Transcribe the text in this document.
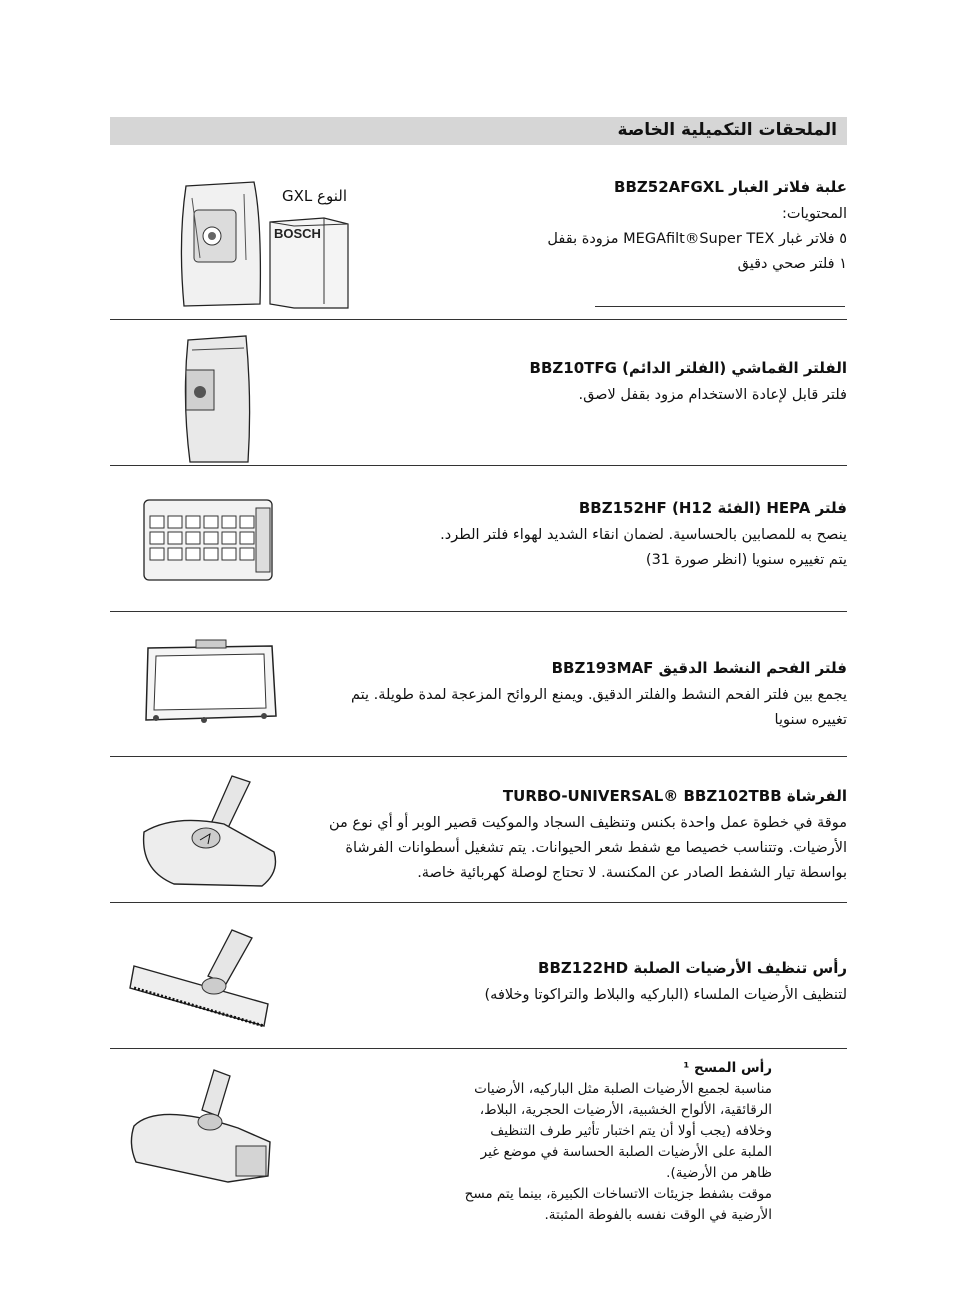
الملحقات التكميلية الخاصة
علبة فلاتر الغبار BBZ52AFGXL
المحتويات:
٥ فلاتر غبار MEGAfilt®Super TEX مزودة بقفل
١ فلتر صحي دقيق
النوع GXL
BOSCH
الفلتر القماشي (الفلتر الدائم) BBZ10TFG
فلتر قابل لإعادة الاستخدام مزود بقفل لاصق.
فلتر HEPA (الفئة H12) BBZ152HF
ينصح به للمصابين بالحساسية. لضمان انقاء الشديد لهواء فلتر الطرد.
يتم تغييره سنويا (انظر صورة 31)
فلتر الفحم النشط الدقيق BBZ193MAF
يجمع بين فلتر الفحم النشط والفلتر الدقيق. ويمنع الروائح المزعجة لمدة طويلة. يتم
تغييره سنويا
الفرشاة TURBO-UNIVERSAL® BBZ102TBB
موقة في خطوة عمل واحدة بكنس وتنظيف السجاد والموكيت قصير الوبر أو أي نوع من
الأرضيات. وتتناسب خصيصا مع شفط شعر الحيوانات. يتم تشغيل أسطوانات الفرشاة
بواسطة تيار الشفط الصادر عن المكنسة. لا تحتاج لوصلة كهربائية خاصة.
رأس تنظيف الأرضيات الصلبة BBZ122HD
لتنظيف الأرضيات الملساء (الباركيه والبلاط والتراكوتا وخلافه)
رأس المسح ¹
مناسبة لجميع الأرضيات الصلبة مثل الباركيه، الأرضيات
الرقائقية، الألواح الخشبية، الأرضيات الحجرية، البلاط،
وخلافه (يجب أولا أن يتم اختبار تأثير طرف التنظيف
الملبة على الأرضيات الصلبة الحساسة في موضع غير
ظاهر من الأرضية).
موقت بشفط جزيئات الاتساخات الكبيرة، بينما يتم مسح
الأرضية في الوقت نفسه بالفوطة المثبتة.
